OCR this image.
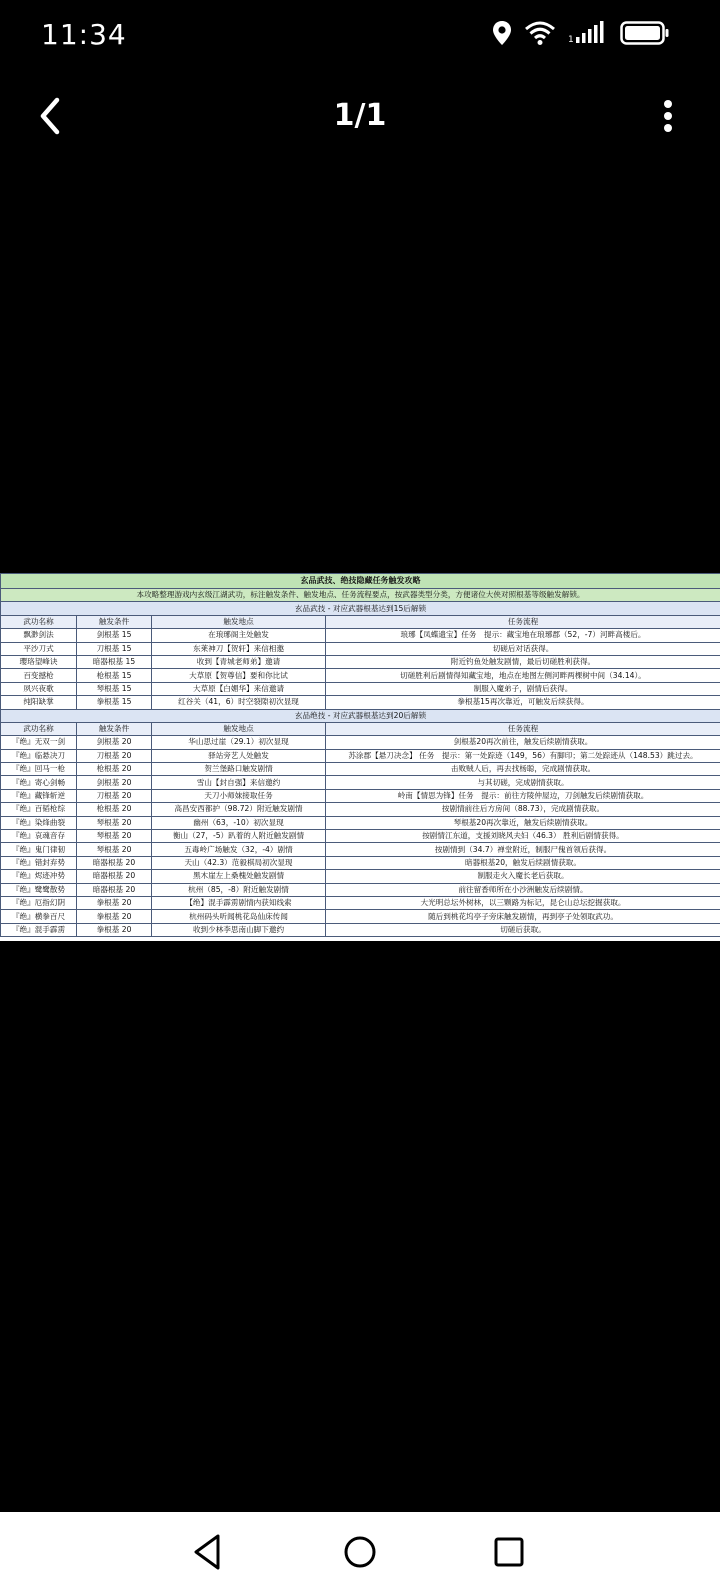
11:34	1
1/1
玄品武技、绝技隐藏任务触发攻略			
本攻略整理游戏内玄级江湖武功，标注触发条件、触发地点、任务流程要点，按武器类型分类，方便诸位大侠对照根基等级触发解锁。			
玄品武技 - 对应武器根基达到15后解锁			
武功名称	触发条件	触发地点	任务流程
飘渺剑法	剑根基 15	在琅琊阁主处触发	琅琊【凤蝶遗宝】任务　提示：藏宝地在琅琊郡（52，-7）河畔高楼后。
平沙刀式	刀根基 15	东莱神刀【贺轩】来信相邀	切磋后对话获得。
璎珞望峰诀	暗器根基 15	收到【青城老师弟】邀请	附近钓鱼处触发剧情，最后切磋胜利获得。
百变撼枪	枪根基 15	大草原【贺尊信】要和你比试	切磋胜利后剧情得知藏宝地，地点在地图左侧河畔两棵树中间（34.14）。
夙兴夜歌	琴根基 15	大草原【白媚华】来信邀请	制服入魔弟子，剧情后获得。
纯阳缺掌	拳根基 15	红谷关（41，6）时空裂隙初次显现	拳根基15再次靠近，可触发后续获得。
玄品绝技 - 对应武器根基达到20后解锁			
武功名称	触发条件	触发地点	任务流程
『绝』无双一剑	剑根基 20	华山思过崖（29.1）初次显现	剑根基20再次前往，触发后续剧情获取。
『绝』临悬决刀	刀根基 20	驿站旁艺人处触发	苏涂郡【悬刀决念】 任务　提示：第一处踪迹（149，56）有脚印；第二处踪迹从（148.53）跳过去。
『绝』回马一枪	枪根基 20	贺兰堡路口触发剧情	击败贼人后，再去找杨聪，完成剧情获取。
『绝』寄心剑畅	剑根基 20	雪山【封自强】来信邀约	与其切磋，完成剧情获取。
『绝』藏锋斩逆	刀根基 20	天刀小师妹接取任务	岭南【情思为锋】任务　提示：前往方陵仲屋边，刀剑触发后续剧情获取。
『绝』百韬枪综	枪根基 20	高昌安西都护（98.72）附近触发剧情	按剧情前往后方房间（88.73），完成剧情获取。
『绝』染烽曲裂	琴根基 20	幽州（63，-10）初次显现	琴根基20再次靠近，触发后续剧情获取。
『绝』哀魂音存	琴根基 20	衡山（27，-5）趴着的人附近触发剧情	按剧情江东道，支援刘晓风夫妇（46.3） 胜利后剧情获得。
『绝』鬼门律韧	琴根基 20	五毒岭广场触发（32，-4）剧情	按剧情到（34.7）禅堂附近，制服尸傀首领后获得。
『绝』错封弃势	暗器根基 20	天山（42.3）范毅棋局初次显现	暗器根基20，触发后续剧情获取。
『绝』烬迹冲势	暗器根基 20	黑木崖左上桑槐处触发剧情	制服走火入魔长老后获取。
『绝』鹭鹭散势	暗器根基 20	杭州（85，-8）附近触发剧情	前往留香师所在小沙洲触发后续剧情。
『绝』厄指幻阴	拳根基 20	【绝】混手霹雳剧情内获知线索	大光明总坛外树林，以三颗路为标记，昆仑山总坛挖掘获取。
『绝』横拳百尺	拳根基 20	杭州码头听闻桃花岛仙床传闻	随后到桃花坞亭子旁床触发剧情，再到亭子处领取武功。
『绝』混手霹雳	拳根基 20	收到少林李思南山脚下邀约	切磋后获取。
